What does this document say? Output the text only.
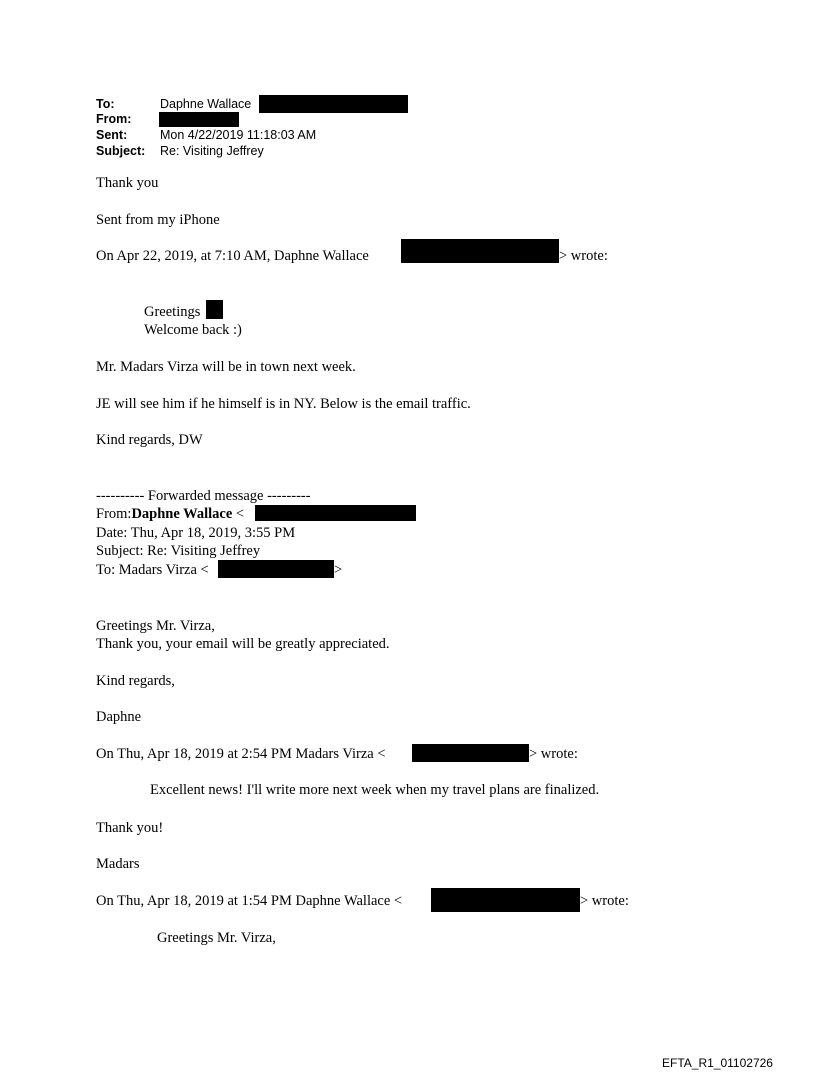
To:	Daphne Wallace
From:
Sent:	Mon 4/22/2019 11:18:03 AM
Subject: Re: Visiting Jeffrey
Thank you
Sent from my iPhone
On Apr 22, 2019, at 7:10 AM, Daphne Wallace	> wrote:
Greetings
Welcome back :)
Mr. Madars Virza will be in town next week.
JE will see him if he himself is in NY. Below is the email traffic.
Kind regards, DW
---------- Forwarded message ---------
From:Daphne Wallace <
Date: Thu, Apr 18, 2019, 3:55 PM
Subject: Re: Visiting Jeffrey
To: Madars Virza <	>
Greetings Mr. Virza,
Thank you, your email will be greatly appreciated.
Kind regards,
Daphne
On Thu, Apr 18, 2019 at 2:54 PM Madars Virza <	> wrote:
Excellent news! I'll write more next week when my travel plans are finalized.
Thank you!
Madars
On Thu, Apr 18, 2019 at 1:54 PM Daphne Wallace <	> wrote:
Greetings Mr. Virza,
EFTA_R1_01102726
